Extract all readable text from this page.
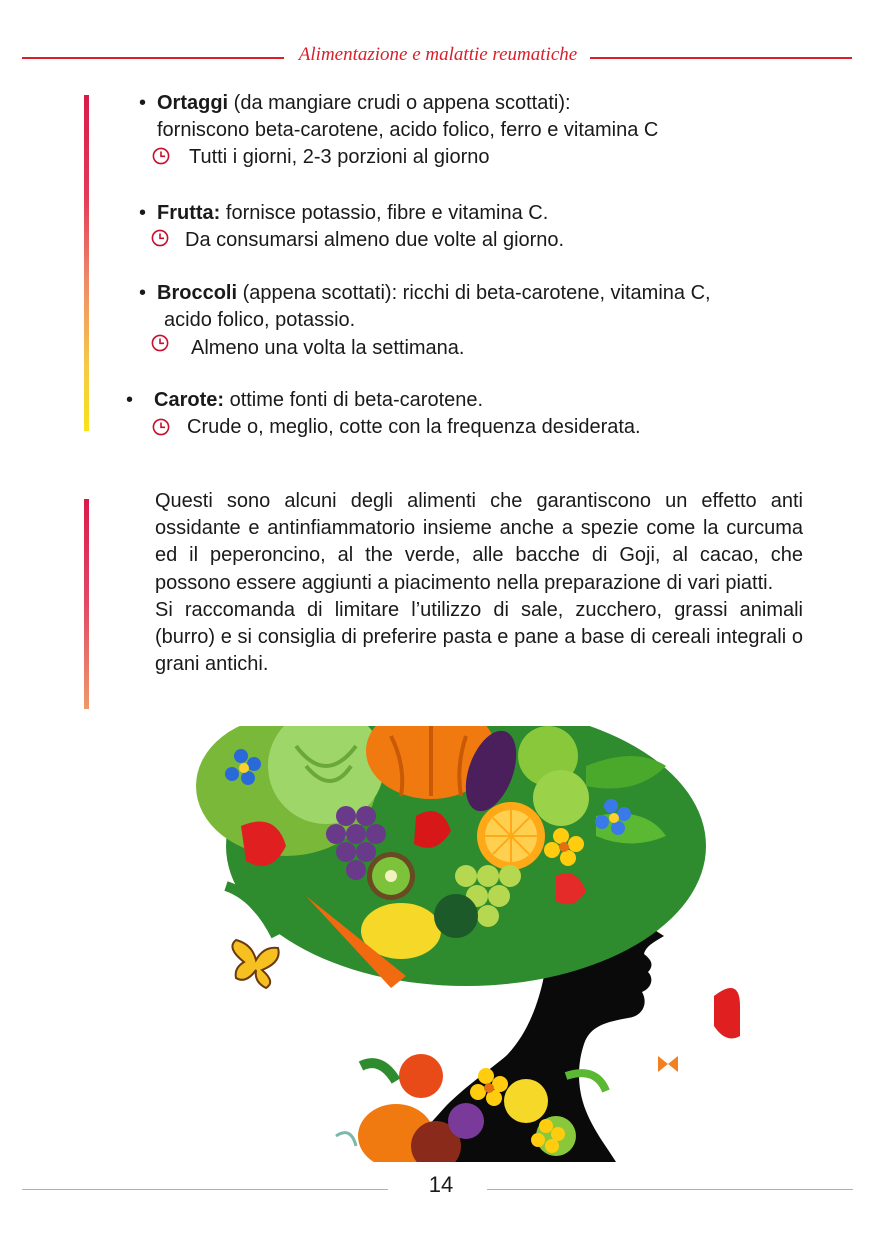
Alimentazione e malattie reumatiche
• Ortaggi (da mangiare crudi o appena scottati):
forniscono beta-carotene, acido folico, ferro e vitamina C
Tutti i giorni, 2-3 porzioni al giorno
• Frutta: fornisce potassio, fibre e vitamina C.
Da consumarsi almeno due volte al giorno.
• Broccoli (appena scottati): ricchi di beta-carotene, vitamina C,
acido folico, potassio.
Almeno una volta la settimana.
• Carote: ottime fonti di beta-carotene.
Crude o, meglio, cotte con la frequenza desiderata.

Questi sono alcuni degli alimenti che garantiscono un effetto anti ossidante e antinfiammatorio insieme anche a spezie come la curcuma ed il peperoncino, al the verde, alle bacche di Goji, al cacao, che possono essere aggiunti a piacimento nella preparazione di vari piatti.

Si raccomanda di limitare l’utilizzo di sale, zucchero, grassi animali (burro) e si consiglia di preferire pasta e pane a base di cereali integrali o grani antichi.

14
